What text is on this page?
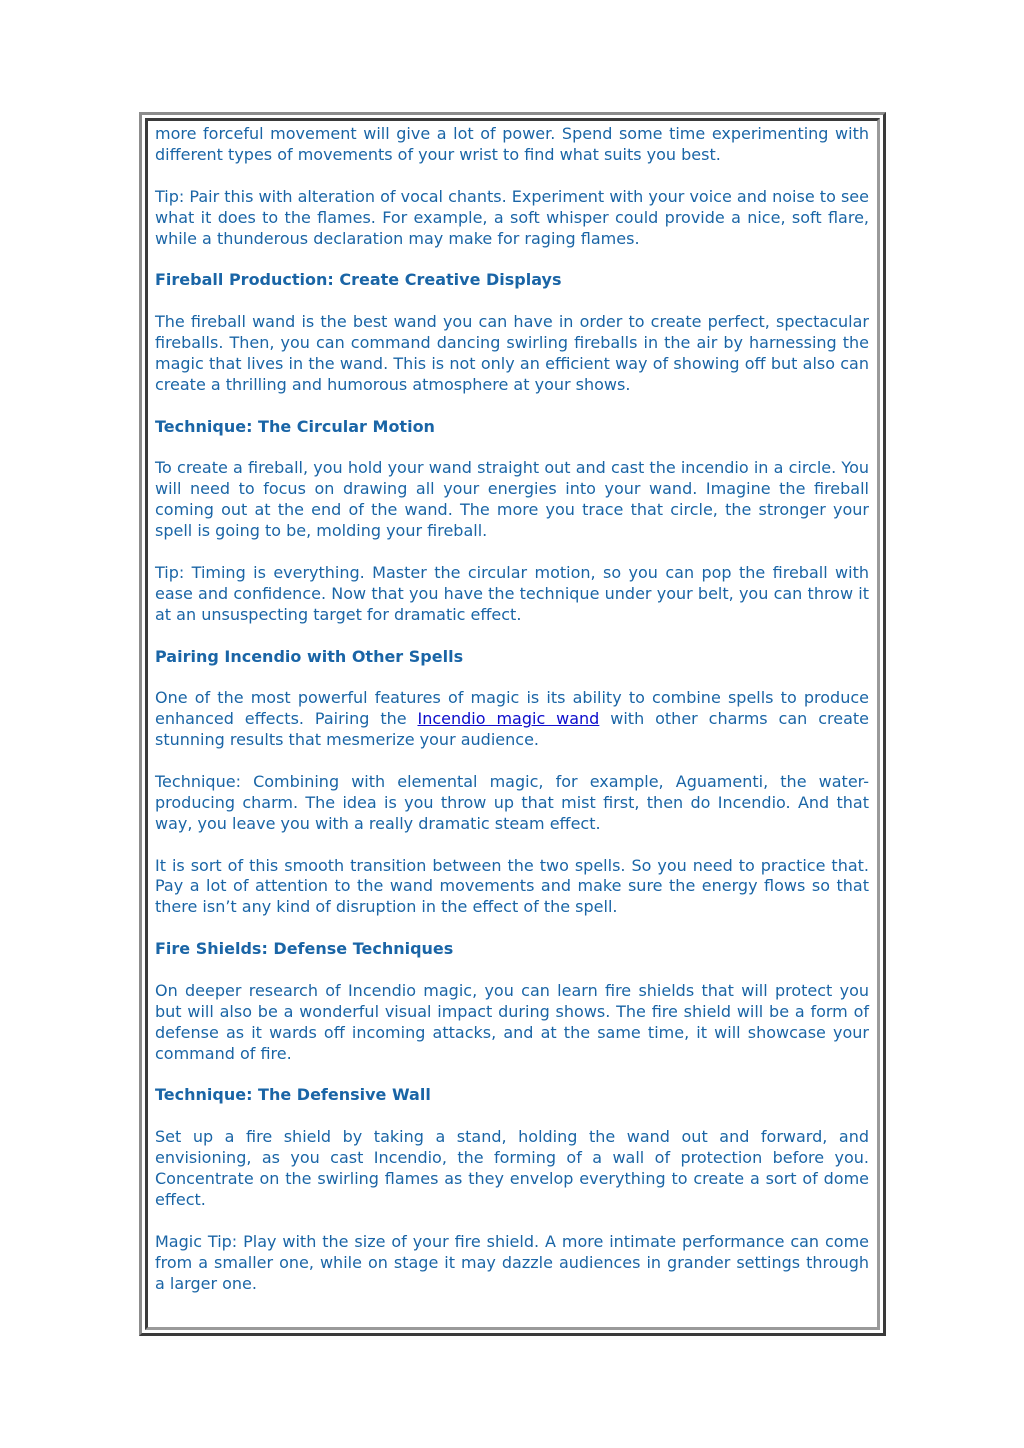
more forceful movement will give a lot of power. Spend some time experimenting with different types of movements of your wrist to find what suits you best.

Tip: Pair this with alteration of vocal chants. Experiment with your voice and noise to see what it does to the flames. For example, a soft whisper could provide a nice, soft flare, while a thunderous declaration may make for raging flames.

Fireball Production: Create Creative Displays

The fireball wand is the best wand you can have in order to create perfect, spectacular fireballs. Then, you can command dancing swirling fireballs in the air by harnessing the magic that lives in the wand. This is not only an efficient way of showing off but also can create a thrilling and humorous atmosphere at your shows.

Technique: The Circular Motion

To create a fireball, you hold your wand straight out and cast the incendio in a circle. You will need to focus on drawing all your energies into your wand. Imagine the fireball coming out at the end of the wand. The more you trace that circle, the stronger your spell is going to be, molding your fireball.

Tip: Timing is everything. Master the circular motion, so you can pop the fireball with ease and confidence. Now that you have the technique under your belt, you can throw it at an unsuspecting target for dramatic effect.

Pairing Incendio with Other Spells

One of the most powerful features of magic is its ability to combine spells to produce enhanced effects. Pairing the Incendio magic wand with other charms can create stunning results that mesmerize your audience.

Technique: Combining with elemental magic, for example, Aguamenti, the water-producing charm. The idea is you throw up that mist first, then do Incendio. And that way, you leave you with a really dramatic steam effect.

It is sort of this smooth transition between the two spells. So you need to practice that. Pay a lot of attention to the wand movements and make sure the energy flows so that there isn’t any kind of disruption in the effect of the spell.

Fire Shields: Defense Techniques

On deeper research of Incendio magic, you can learn fire shields that will protect you but will also be a wonderful visual impact during shows. The fire shield will be a form of defense as it wards off incoming attacks, and at the same time, it will showcase your command of fire.

Technique: The Defensive Wall

Set up a fire shield by taking a stand, holding the wand out and forward, and envisioning, as you cast Incendio, the forming of a wall of protection before you. Concentrate on the swirling flames as they envelop everything to create a sort of dome effect.

Magic Tip: Play with the size of your fire shield. A more intimate performance can come from a smaller one, while on stage it may dazzle audiences in grander settings through a larger one.
